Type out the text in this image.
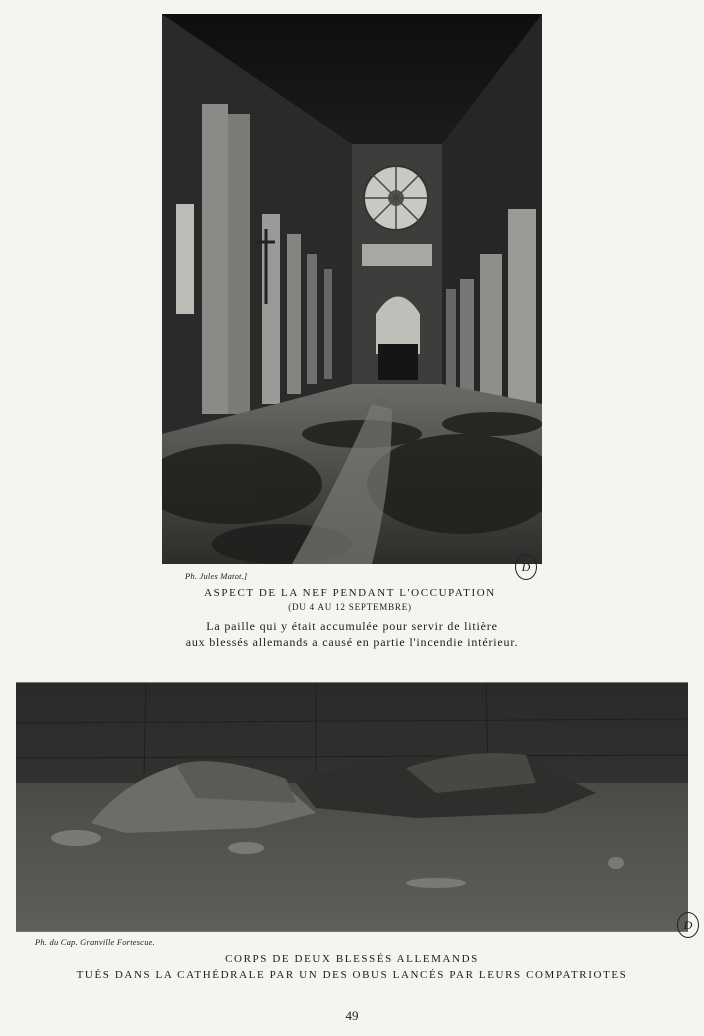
Ph. Jules Matot.]
D
ASPECT DE LA NEF PENDANT L'OCCUPATION
(DU 4 AU 12 SEPTEMBRE)
La paille qui y était accumulée pour servir de litière
aux blessés allemands a causé en partie l'incendie intérieur.
Ph. du Cap. Granville Fortescue.
D
CORPS DE DEUX BLESSÉS ALLEMANDS
TUÉS DANS LA CATHÉDRALE PAR UN DES OBUS LANCÉS PAR LEURS COMPATRIOTES
49
